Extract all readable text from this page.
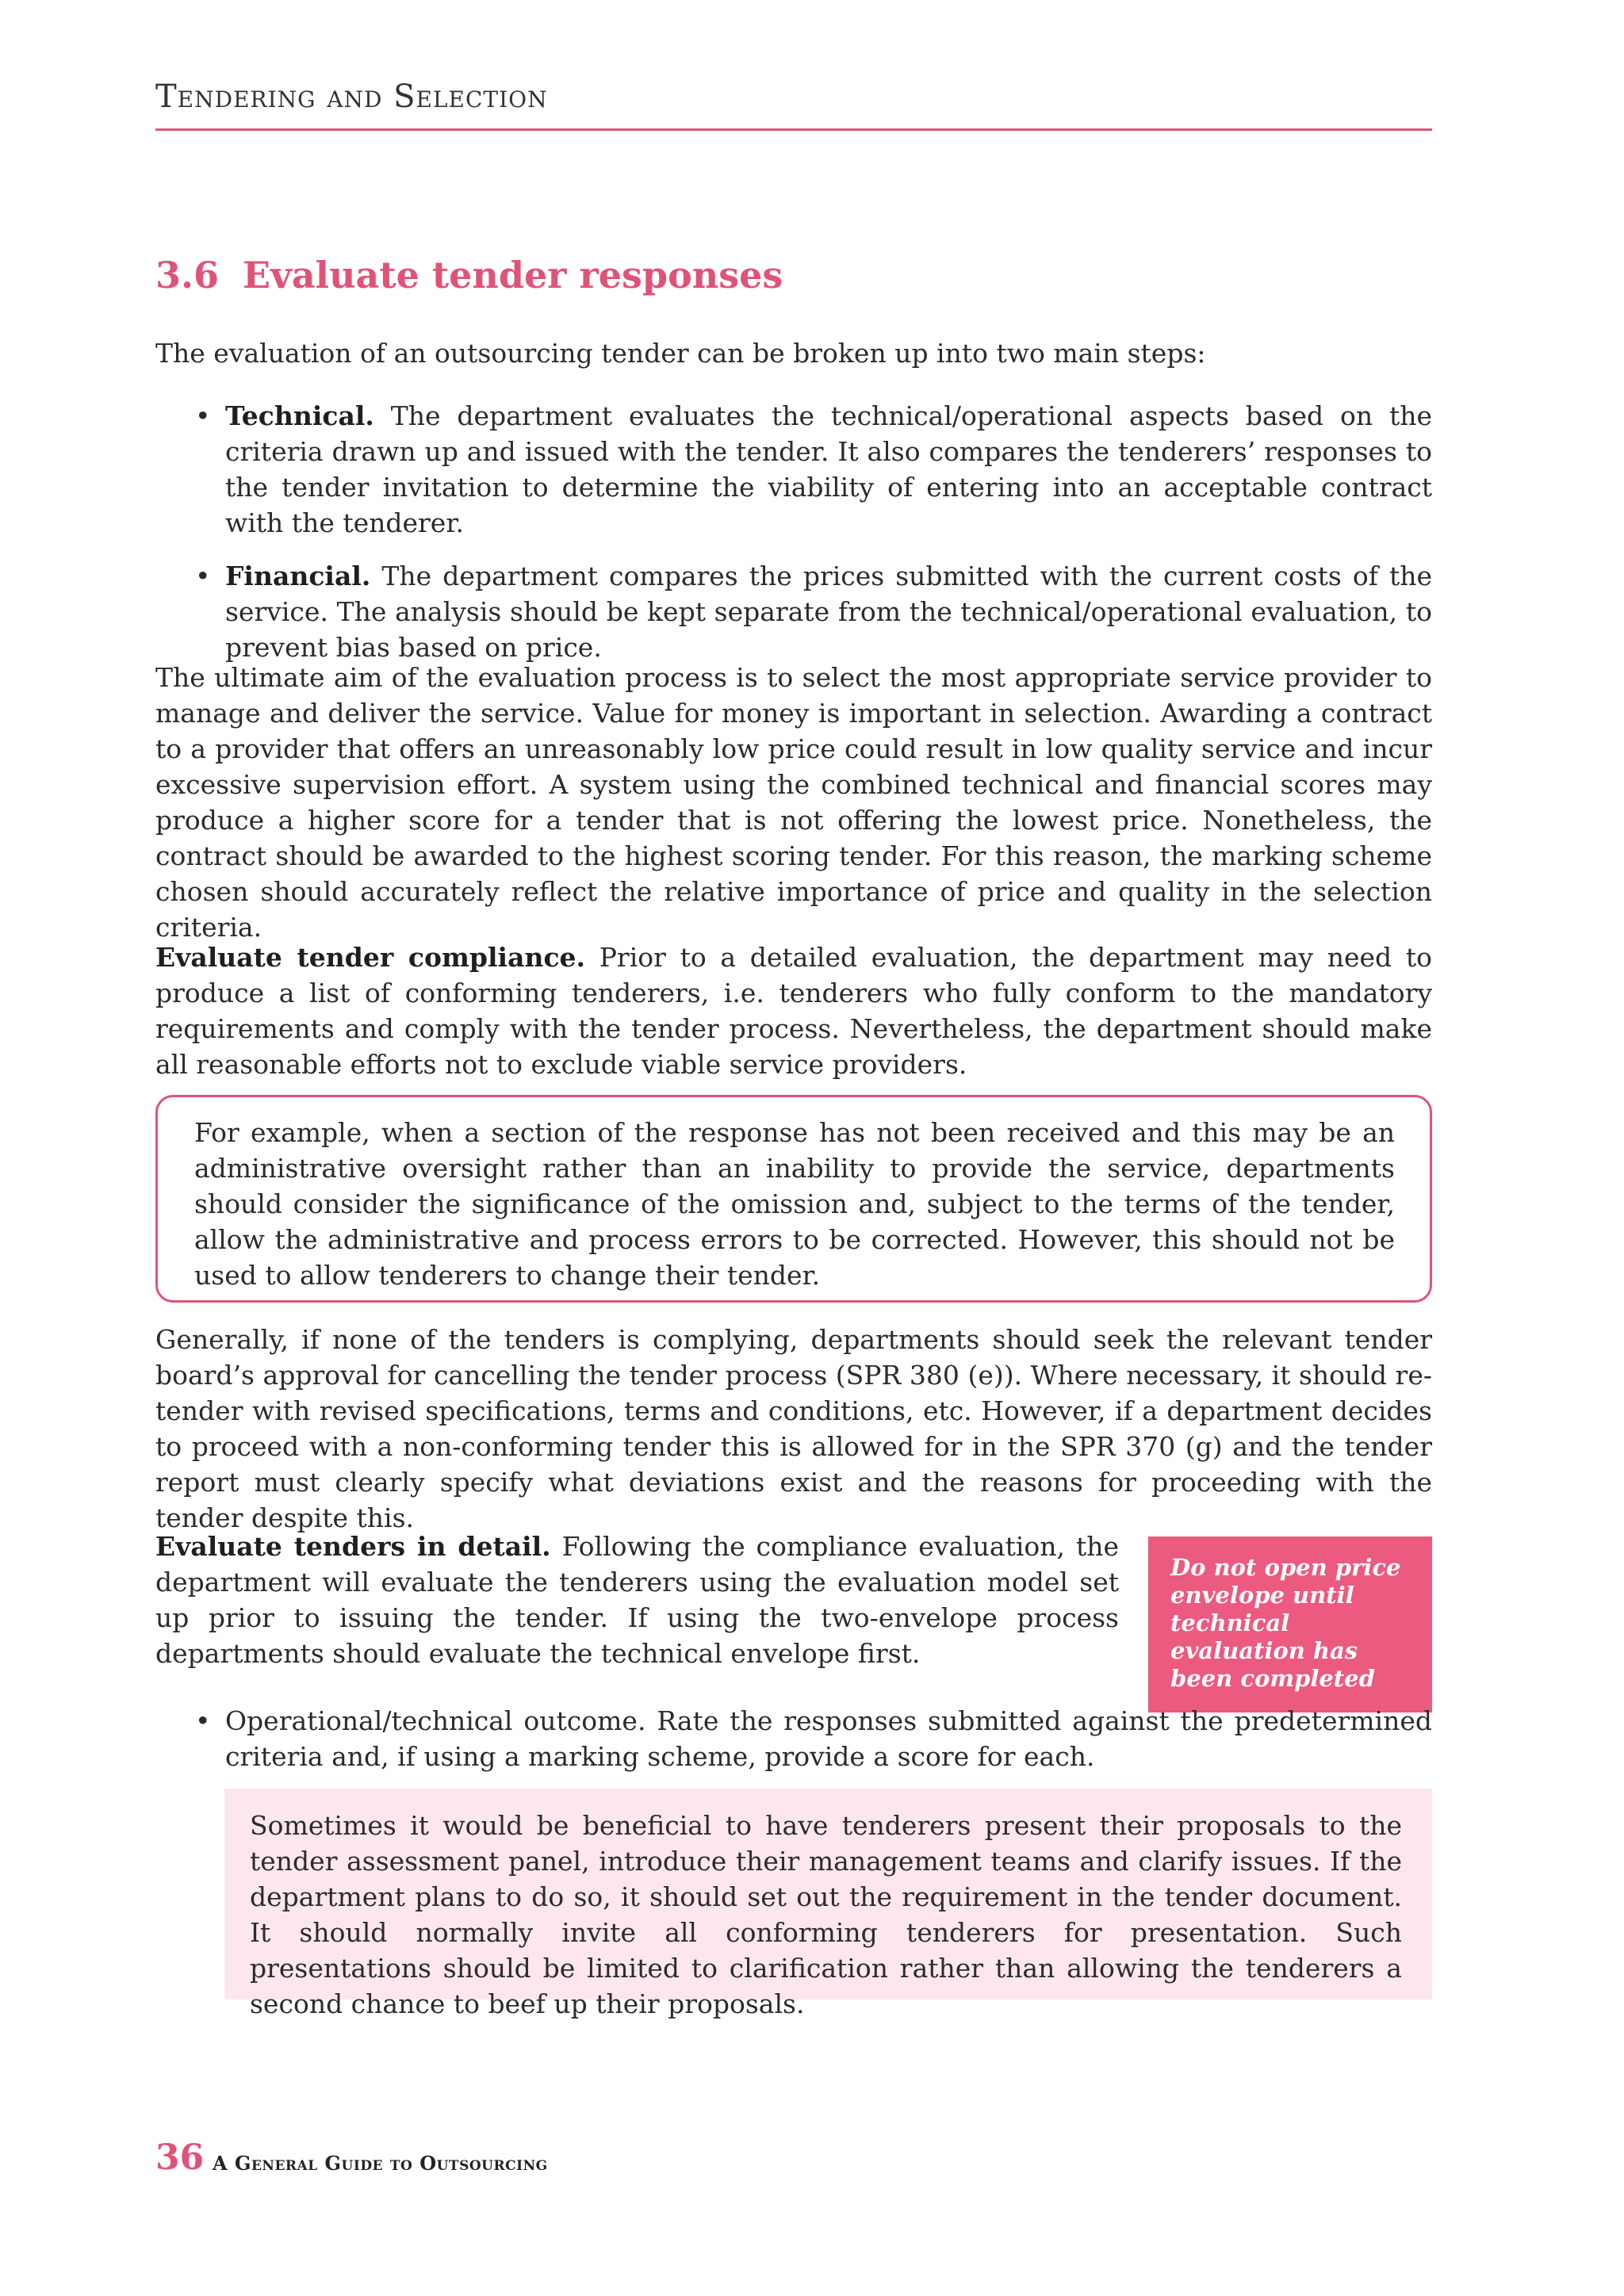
Tendering and Selection
3.6 Evaluate tender responses

The evaluation of an outsourcing tender can be broken up into two main steps:

• Technical. The department evaluates the technical/operational aspects based on the criteria drawn up and issued with the tender. It also compares the tenderers’ responses to the tender invitation to determine the viability of entering into an acceptable contract with the tenderer.
• Financial. The department compares the prices submitted with the current costs of the service. The analysis should be kept separate from the technical/operational evaluation, to prevent bias based on price.

The ultimate aim of the evaluation process is to select the most appropriate service provider to manage and deliver the service. Value for money is important in selection. Awarding a contract to a provider that offers an unreasonably low price could result in low quality service and incur excessive supervision effort. A system using the combined technical and financial scores may produce a higher score for a tender that is not offering the lowest price. Nonetheless, the contract should be awarded to the highest scoring tender. For this reason, the marking scheme chosen should accurately reflect the relative importance of price and quality in the selection criteria.

Evaluate tender compliance. Prior to a detailed evaluation, the department may need to produce a list of conforming tenderers, i.e. tenderers who fully conform to the mandatory requirements and comply with the tender process. Nevertheless, the department should make all reasonable efforts not to exclude viable service providers.

For example, when a section of the response has not been received and this may be an administrative oversight rather than an inability to provide the service, departments should consider the significance of the omission and, subject to the terms of the tender, allow the administrative and process errors to be corrected. However, this should not be used to allow tenderers to change their tender.

Generally, if none of the tenders is complying, departments should seek the relevant tender board’s approval for cancelling the tender process (SPR 380 (e)). Where necessary, it should re-tender with revised specifications, terms and conditions, etc. However, if a department decides to proceed with a non-conforming tender this is allowed for in the SPR 370 (g) and the tender report must clearly specify what deviations exist and the reasons for proceeding with the tender despite this.

Evaluate tenders in detail. Following the compliance evaluation, the department will evaluate the tenderers using the evaluation model set up prior to issuing the tender. If using the two-envelope process departments should evaluate the technical envelope first.

Do not open price envelope until technical evaluation has been completed
• Operational/technical outcome. Rate the responses submitted against the predetermined criteria and, if using a marking scheme, provide a score for each.
Sometimes it would be beneficial to have tenderers present their proposals to the tender assessment panel, introduce their management teams and clarify issues. If the department plans to do so, it should set out the requirement in the tender document. It should normally invite all conforming tenderers for presentation. Such presentations should be limited to clarification rather than allowing the tenderers a second chance to beef up their proposals.
36 A General Guide to Outsourcing
